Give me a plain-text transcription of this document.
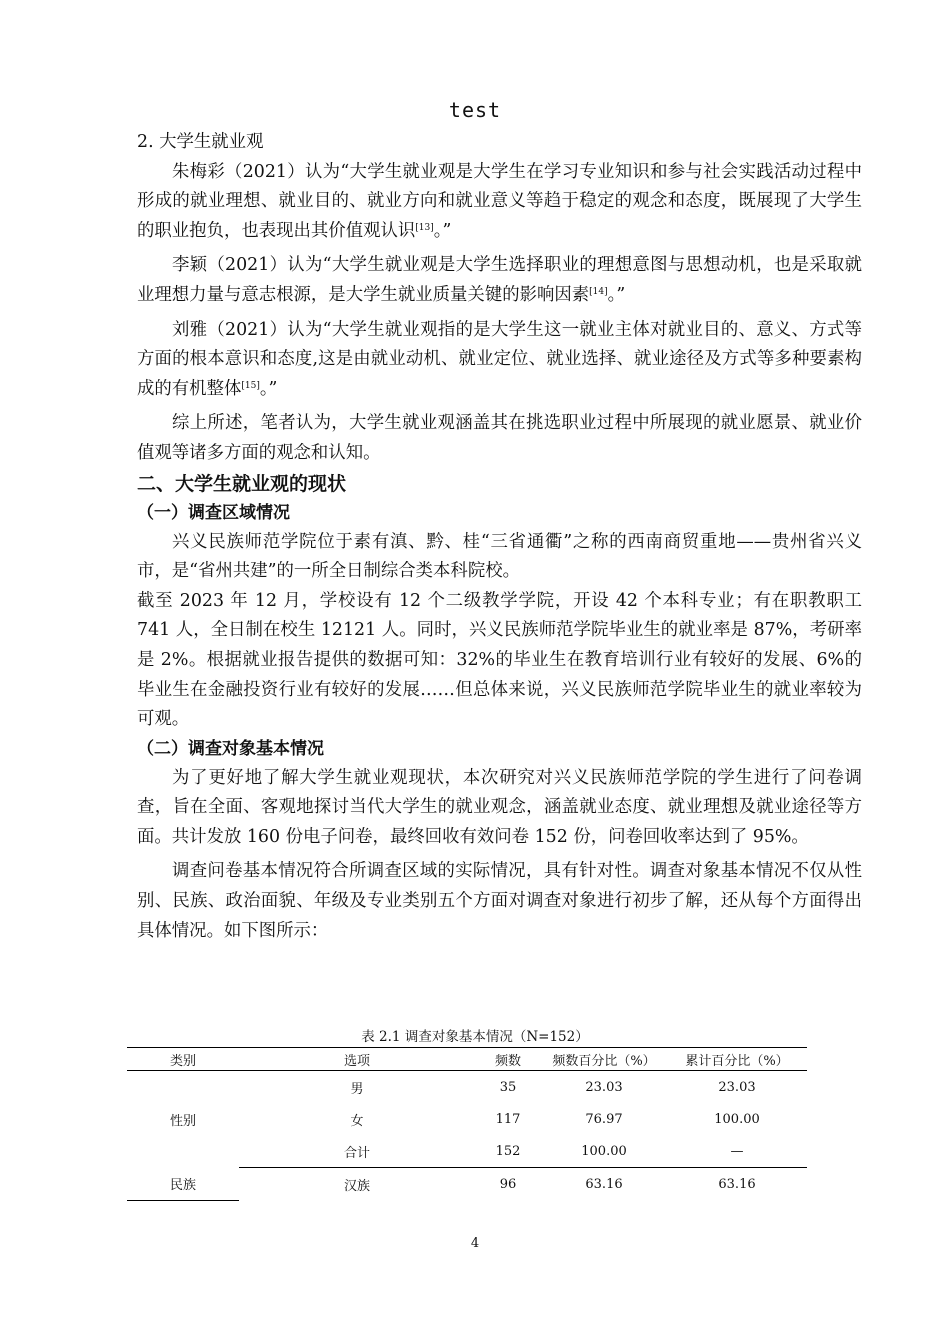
test

2. 大学生就业观

朱梅彩（2021）认为“大学生就业观是大学生在学习专业知识和参与社会实践活动过程中形成的就业理想、就业目的、就业方向和就业意义等趋于稳定的观念和态度，既展现了大学生的职业抱负，也表现出其价值观认识[13]。”

李颖（2021）认为“大学生就业观是大学生选择职业的理想意图与思想动机，也是采取就业理想力量与意志根源，是大学生就业质量关键的影响因素[14]。”

刘雅（2021）认为“大学生就业观指的是大学生这一就业主体对就业目的、意义、方式等方面的根本意识和态度,这是由就业动机、就业定位、就业选择、就业途径及方式等多种要素构成的有机整体[15]。”

综上所述，笔者认为，大学生就业观涵盖其在挑选职业过程中所展现的就业愿景、就业价值观等诸多方面的观念和认知。

二、大学生就业观的现状

（一）调查区域情况

兴义民族师范学院位于素有滇、黔、桂“三省通衢”之称的西南商贸重地——贵州省兴义市，是“省州共建”的一所全日制综合类本科院校。

截至 2023 年 12 月，学校设有 12 个二级教学学院，开设 42 个本科专业；有在职教职工 741 人，全日制在校生 12121 人。同时，兴义民族师范学院毕业生的就业率是 87%，考研率是 2%。根据就业报告提供的数据可知：32%的毕业生在教育培训行业有较好的发展、6%的毕业生在金融投资行业有较好的发展……但总体来说，兴义民族师范学院毕业生的就业率较为可观。

（二）调查对象基本情况

为了更好地了解大学生就业观现状，本次研究对兴义民族师范学院的学生进行了问卷调查，旨在全面、客观地探讨当代大学生的就业观念，涵盖就业态度、就业理想及就业途径等方面。共计发放 160 份电子问卷，最终回收有效问卷 152 份，问卷回收率达到了 95%。

调查问卷基本情况符合所调查区域的实际情况，具有针对性。调查对象基本情况不仅从性别、民族、政治面貌、年级及专业类别五个方面对调查对象进行初步了解，还从每个方面得出具体情况。如下图所示：

表 2.1 调查对象基本情况（N=152）
类别	选项	频数	频数百分比（%）	累计百分比（%）
性别	男	35	23.03	23.03
	女	117	76.97	100.00
	合计	152	100.00	—
民族	汉族	96	63.16	63.16
4
